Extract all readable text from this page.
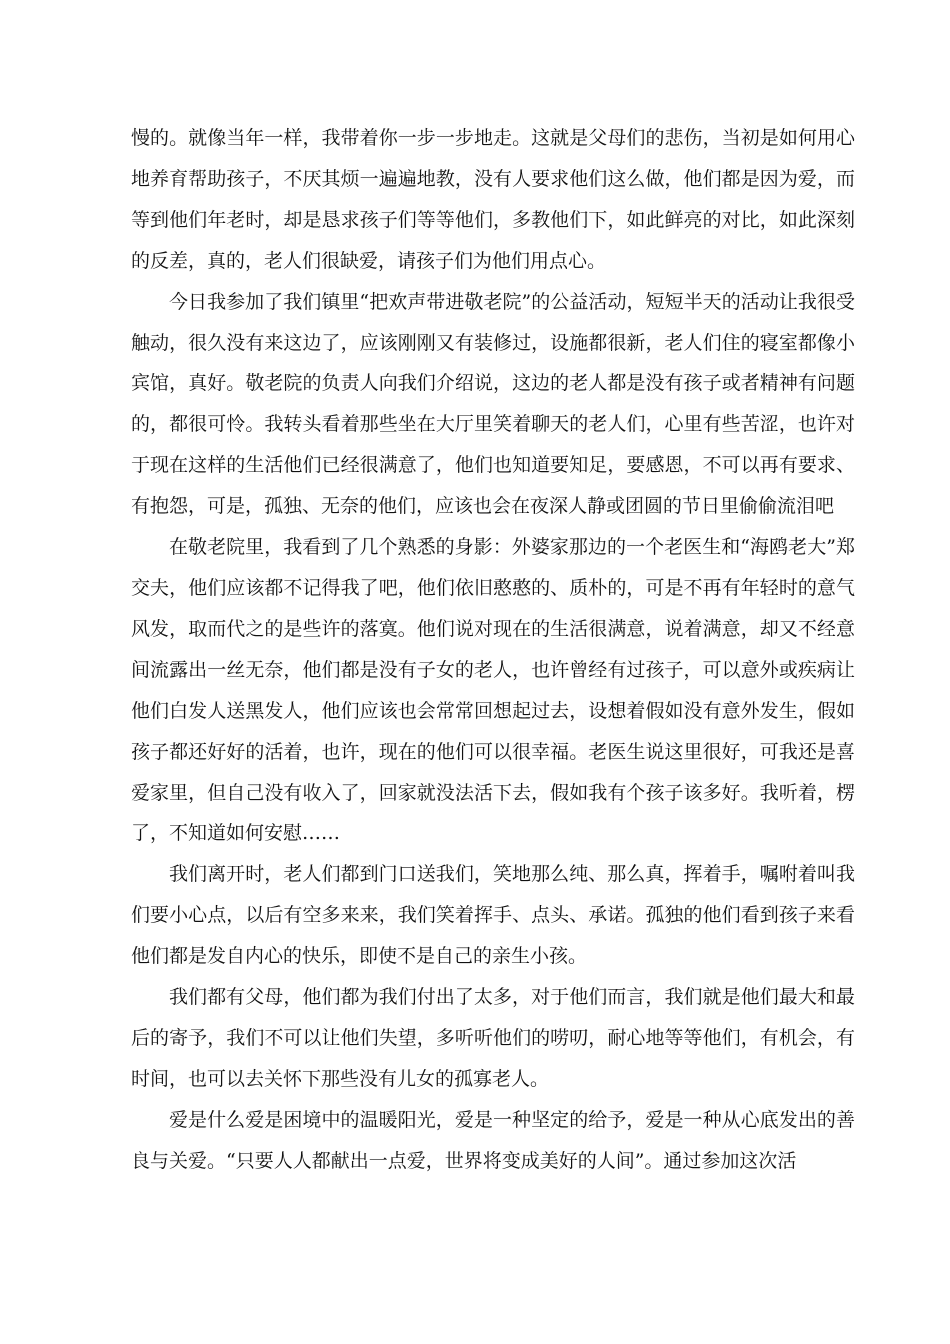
慢的。就像当年一样，我带着你一步一步地走。这就是父母们的悲伤，当初是如何用心地养育帮助孩子，不厌其烦一遍遍地教，没有人要求他们这么做，他们都是因为爱，而等到他们年老时，却是恳求孩子们等等他们，多教他们下，如此鲜亮的对比，如此深刻的反差，真的，老人们很缺爱，请孩子们为他们用点心。

今日我参加了我们镇里“把欢声带进敬老院”的公益活动，短短半天的活动让我很受触动，很久没有来这边了，应该刚刚又有装修过，设施都很新，老人们住的寝室都像小宾馆，真好。敬老院的负责人向我们介绍说，这边的老人都是没有孩子或者精神有问题的，都很可怜。我转头看着那些坐在大厅里笑着聊天的老人们，心里有些苦涩，也许对于现在这样的生活他们已经很满意了，他们也知道要知足，要感恩，不可以再有要求、有抱怨，可是，孤独、无奈的他们，应该也会在夜深人静或团圆的节日里偷偷流泪吧

在敬老院里，我看到了几个熟悉的身影：外婆家那边的一个老医生和“海鸥老大”郑交夫，他们应该都不记得我了吧，他们依旧憨憨的、质朴的，可是不再有年轻时的意气风发，取而代之的是些许的落寞。他们说对现在的生活很满意，说着满意，却又不经意间流露出一丝无奈，他们都是没有子女的老人，也许曾经有过孩子，可以意外或疾病让他们白发人送黑发人，他们应该也会常常回想起过去，设想着假如没有意外发生，假如孩子都还好好的活着，也许，现在的他们可以很幸福。老医生说这里很好，可我还是喜爱家里，但自己没有收入了，回家就没法活下去，假如我有个孩子该多好。我听着，楞了，不知道如何安慰……

我们离开时，老人们都到门口送我们，笑地那么纯、那么真，挥着手，嘱咐着叫我们要小心点，以后有空多来来，我们笑着挥手、点头、承诺。孤独的他们看到孩子来看他们都是发自内心的快乐，即使不是自己的亲生小孩。

我们都有父母，他们都为我们付出了太多，对于他们而言，我们就是他们最大和最后的寄予，我们不可以让他们失望，多听听他们的唠叨，耐心地等等他们，有机会，有时间，也可以去关怀下那些没有儿女的孤寡老人。

爱是什么爱是困境中的温暖阳光，爱是一种坚定的给予，爱是一种从心底发出的善良与关爱。“只要人人都献出一点爱，世界将变成美好的人间”。通过参加这次活
